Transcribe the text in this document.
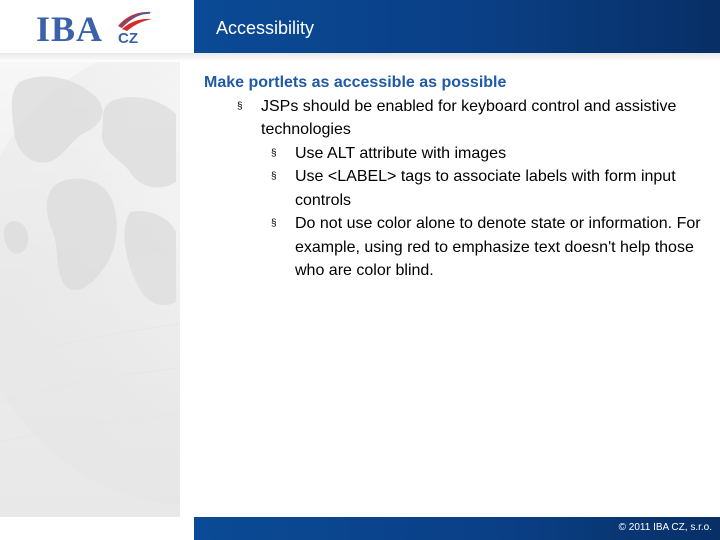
IBA CZ
Accessibility

Make portlets as accessible as possible

§ JSPs should be enabled for keyboard control and assistive technologies
§ Use ALT attribute with images
§ Use <LABEL> tags to associate labels with form input controls
§ Do not use color alone to denote state or information. For example, using red to emphasize text doesn't help those who are color blind.
© 2011 IBA CZ, s.r.o.
